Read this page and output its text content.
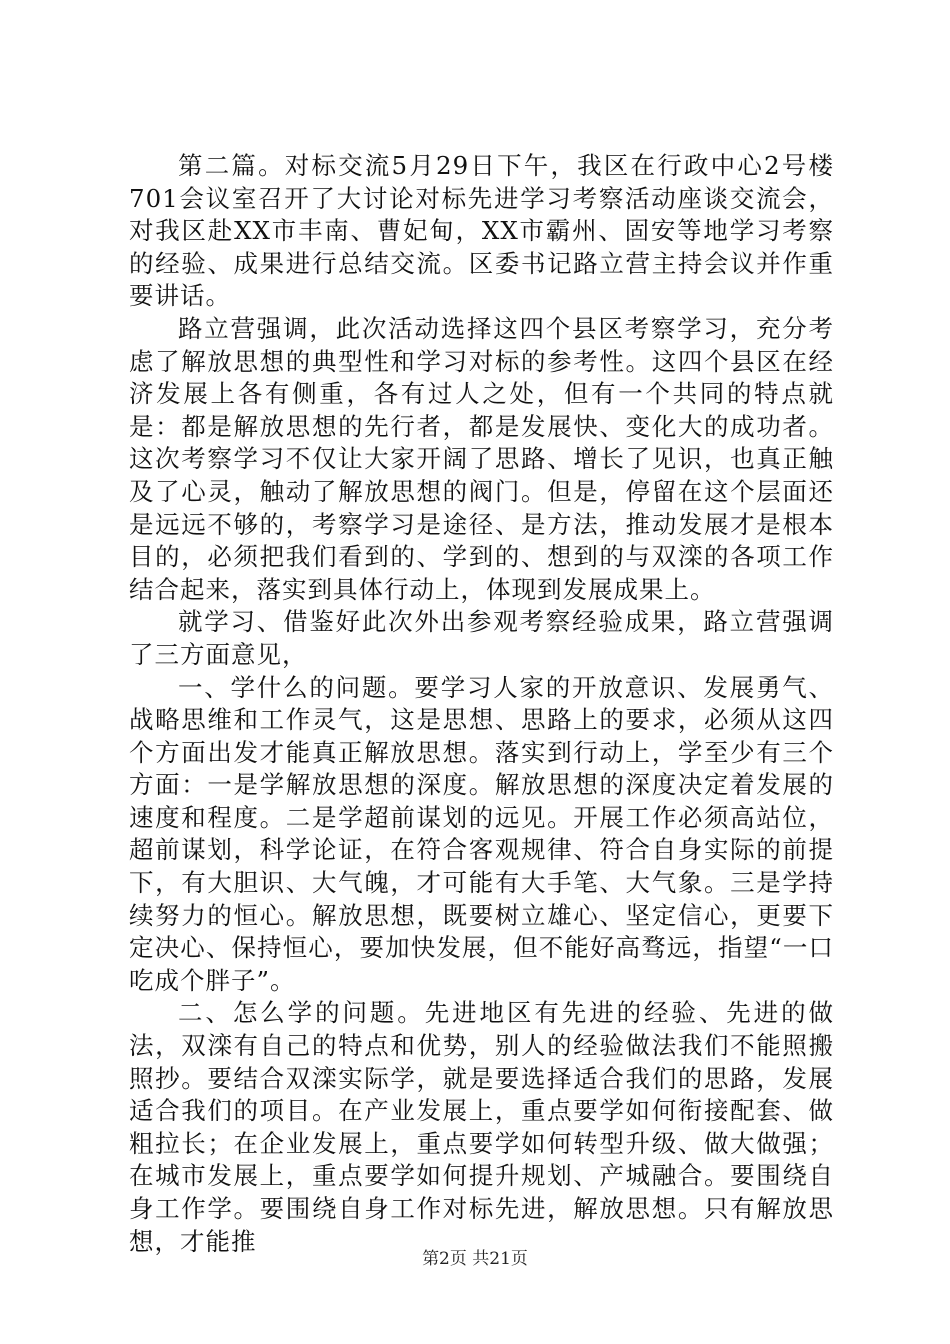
第二篇。对标交流5月29日下午，我区在行政中心2号楼701会议室召开了大讨论对标先进学习考察活动座谈交流会，对我区赴XX市丰南、曹妃甸，XX市霸州、固安等地学习考察的经验、成果进行总结交流。区委书记路立营主持会议并作重要讲话。

路立营强调，此次活动选择这四个县区考察学习，充分考虑了解放思想的典型性和学习对标的参考性。这四个县区在经济发展上各有侧重，各有过人之处，但有一个共同的特点就是：都是解放思想的先行者，都是发展快、变化大的成功者。这次考察学习不仅让大家开阔了思路、增长了见识，也真正触及了心灵，触动了解放思想的阀门。但是，停留在这个层面还是远远不够的，考察学习是途径、是方法，推动发展才是根本目的，必须把我们看到的、学到的、想到的与双滦的各项工作结合起来，落实到具体行动上，体现到发展成果上。

就学习、借鉴好此次外出参观考察经验成果，路立营强调了三方面意见，

一、学什么的问题。要学习人家的开放意识、发展勇气、战略思维和工作灵气，这是思想、思路上的要求，必须从这四个方面出发才能真正解放思想。落实到行动上，学至少有三个方面：一是学解放思想的深度。解放思想的深度决定着发展的速度和程度。二是学超前谋划的远见。开展工作必须高站位，超前谋划，科学论证，在符合客观规律、符合自身实际的前提下，有大胆识、大气魄，才可能有大手笔、大气象。三是学持续努力的恒心。解放思想，既要树立雄心、坚定信心，更要下定决心、保持恒心，要加快发展，但不能好高骛远，指望“一口吃成个胖子”。

二、怎么学的问题。先进地区有先进的经验、先进的做法，双滦有自己的特点和优势，别人的经验做法我们不能照搬照抄。要结合双滦实际学，就是要选择适合我们的思路，发展适合我们的项目。在产业发展上，重点要学如何衔接配套、做粗拉长；在企业发展上，重点要学如何转型升级、做大做强；在城市发展上，重点要学如何提升规划、产城融合。要围绕自身工作学。要围绕自身工作对标先进，解放思想。只有解放思想，才能推

第2页 共21页
